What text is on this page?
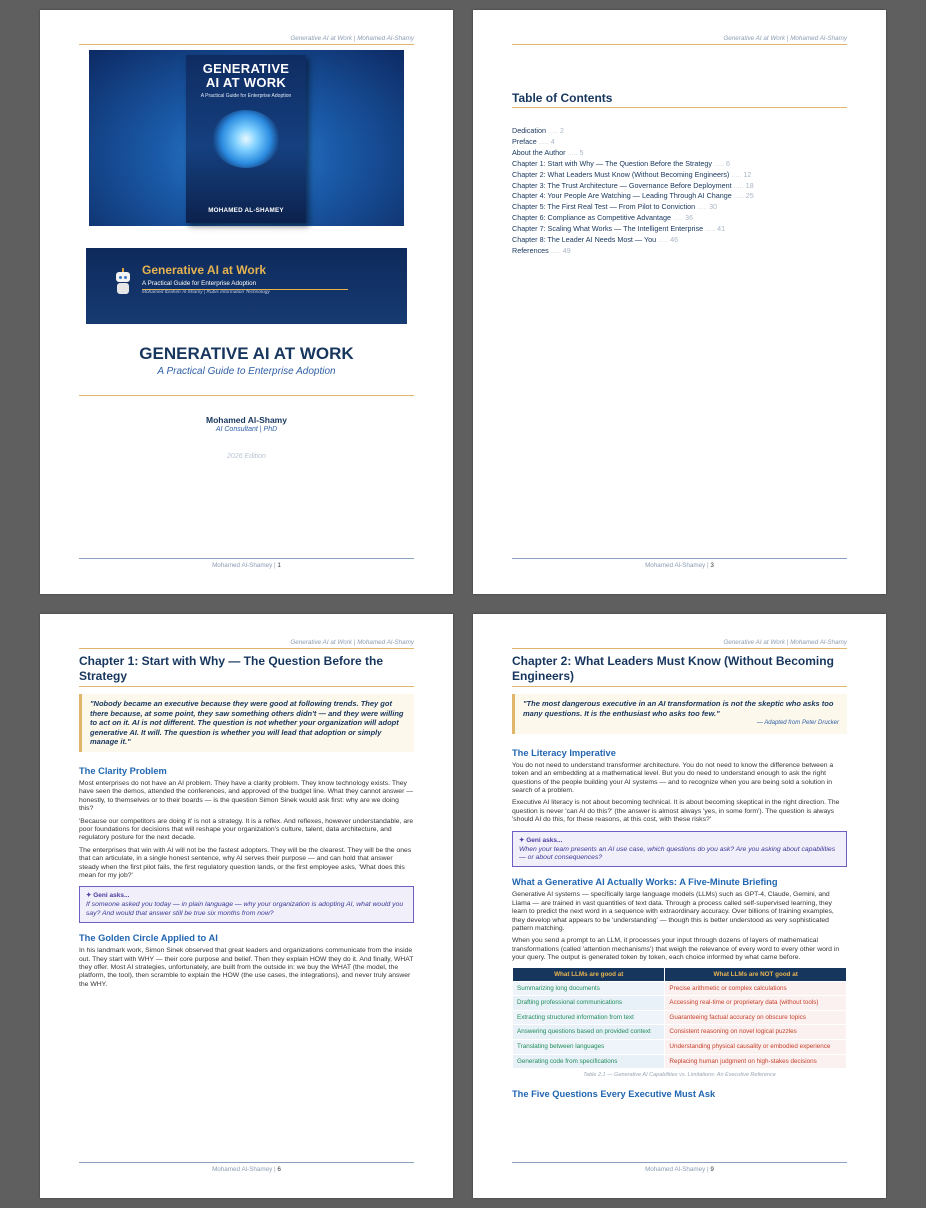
Generative AI at Work | Mohamed Al-Shamy
GENERATIVE
AI AT WORK
A Practical Guide for Enterprise Adoption
MOHAMED AL-SHAMEY
Generative AI at Work
A Practical Guide for Enterprise Adoption
Mohamed Ibrahim Al-Shamy | Rubis Information Technology
GENERATIVE AI AT WORK
A Practical Guide to Enterprise Adoption
Mohamed Al-Shamy
AI Consultant | PhD
2026 Edition
Mohamed Al-Shamey | 1
Generative AI at Work | Mohamed Al-Shamy
Table of Contents
Dedication ..... 2
Preface ..... 4
About the Author ..... 5
Chapter 1: Start with Why — The Question Before the Strategy ..... 6
Chapter 2: What Leaders Must Know (Without Becoming Engineers) ..... 12
Chapter 3: The Trust Architecture — Governance Before Deployment ..... 18
Chapter 4: Your People Are Watching — Leading Through AI Change ..... 25
Chapter 5: The First Real Test — From Pilot to Conviction ..... 30
Chapter 6: Compliance as Competitive Advantage ..... 36
Chapter 7: Scaling What Works — The Intelligent Enterprise ..... 41
Chapter 8: The Leader AI Needs Most — You ..... 46
References ..... 49
Mohamed Al-Shamey | 3
Generative AI at Work | Mohamed Al-Shamy
Chapter 1: Start with Why — The Question Before the Strategy
"Nobody became an executive because they were good at following trends. They got there because, at some point, they saw something others didn't — and they were willing to act on it. AI is not different. The question is not whether your organization will adopt generative AI. It will. The question is whether you will lead that adoption or simply manage it."
The Clarity Problem

Most enterprises do not have an AI problem. They have a clarity problem. They know technology exists. They have seen the demos, attended the conferences, and approved of the budget line. What they cannot answer — honestly, to themselves or to their boards — is the question Simon Sinek would ask first: why are we doing this?

'Because our competitors are doing it' is not a strategy. It is a reflex. And reflexes, however understandable, are poor foundations for decisions that will reshape your organization's culture, talent, data architecture, and regulatory posture for the next decade.

The enterprises that win with AI will not be the fastest adopters. They will be the clearest. They will be the ones that can articulate, in a single honest sentence, why AI serves their purpose — and can hold that answer steady when the first pilot fails, the first regulatory question lands, or the first employee asks, 'What does this mean for my job?'

✦ Geni asks...
If someone asked you today — in plain language — why your organization is adopting AI, what would you say? And would that answer still be true six months from now?
The Golden Circle Applied to AI

In his landmark work, Simon Sinek observed that great leaders and organizations communicate from the inside out. They start with WHY — their core purpose and belief. Then they explain HOW they do it. And finally, WHAT they offer. Most AI strategies, unfortunately, are built from the outside in: we buy the WHAT (the model, the platform, the tool), then scramble to explain the HOW (the use cases, the integrations), and never truly answer the WHY.

Mohamed Al-Shamey | 6
Generative AI at Work | Mohamed Al-Shamy
Chapter 2: What Leaders Must Know (Without Becoming Engineers)
"The most dangerous executive in an AI transformation is not the skeptic who asks too many questions. It is the enthusiast who asks too few."
— Adapted from Peter Drucker
The Literacy Imperative

You do not need to understand transformer architecture. You do not need to know the difference between a token and an embedding at a mathematical level. But you do need to understand enough to ask the right questions of the people building your AI systems — and to recognize when you are being sold a solution in search of a problem.

Executive AI literacy is not about becoming technical. It is about becoming skeptical in the right direction. The question is never 'can AI do this?' (the answer is almost always 'yes, in some form'). The question is always 'should AI do this, for these reasons, at this cost, with these risks?'

✦ Geni asks...
When your team presents an AI use case, which questions do you ask? Are you asking about capabilities — or about consequences?
What a Generative AI Actually Works: A Five-Minute Briefing

Generative AI systems — specifically large language models (LLMs) such as GPT-4, Claude, Gemini, and Llama — are trained in vast quantities of text data. Through a process called self-supervised learning, they learn to predict the next word in a sequence with extraordinary accuracy. Over billions of training examples, they develop what appears to be 'understanding' — though this is better understood as very sophisticated pattern matching.

When you send a prompt to an LLM, it processes your input through dozens of layers of mathematical transformations (called 'attention mechanisms') that weigh the relevance of every word to every other word in your query. The output is generated token by token, each choice informed by what came before.

What LLMs are good at	What LLMs are NOT good at
Summarizing long documents	Precise arithmetic or complex calculations
Drafting professional communications	Accessing real-time or proprietary data (without tools)
Extracting structured information from text	Guaranteeing factual accuracy on obscure topics
Answering questions based on provided context	Consistent reasoning on novel logical puzzles
Translating between languages	Understanding physical causality or embodied experience
Generating code from specifications	Replacing human judgment on high-stakes decisions
Table 2.1 — Generative AI Capabilities vs. Limitations: An Executive Reference
The Five Questions Every Executive Must Ask
Mohamed Al-Shamey | 9
